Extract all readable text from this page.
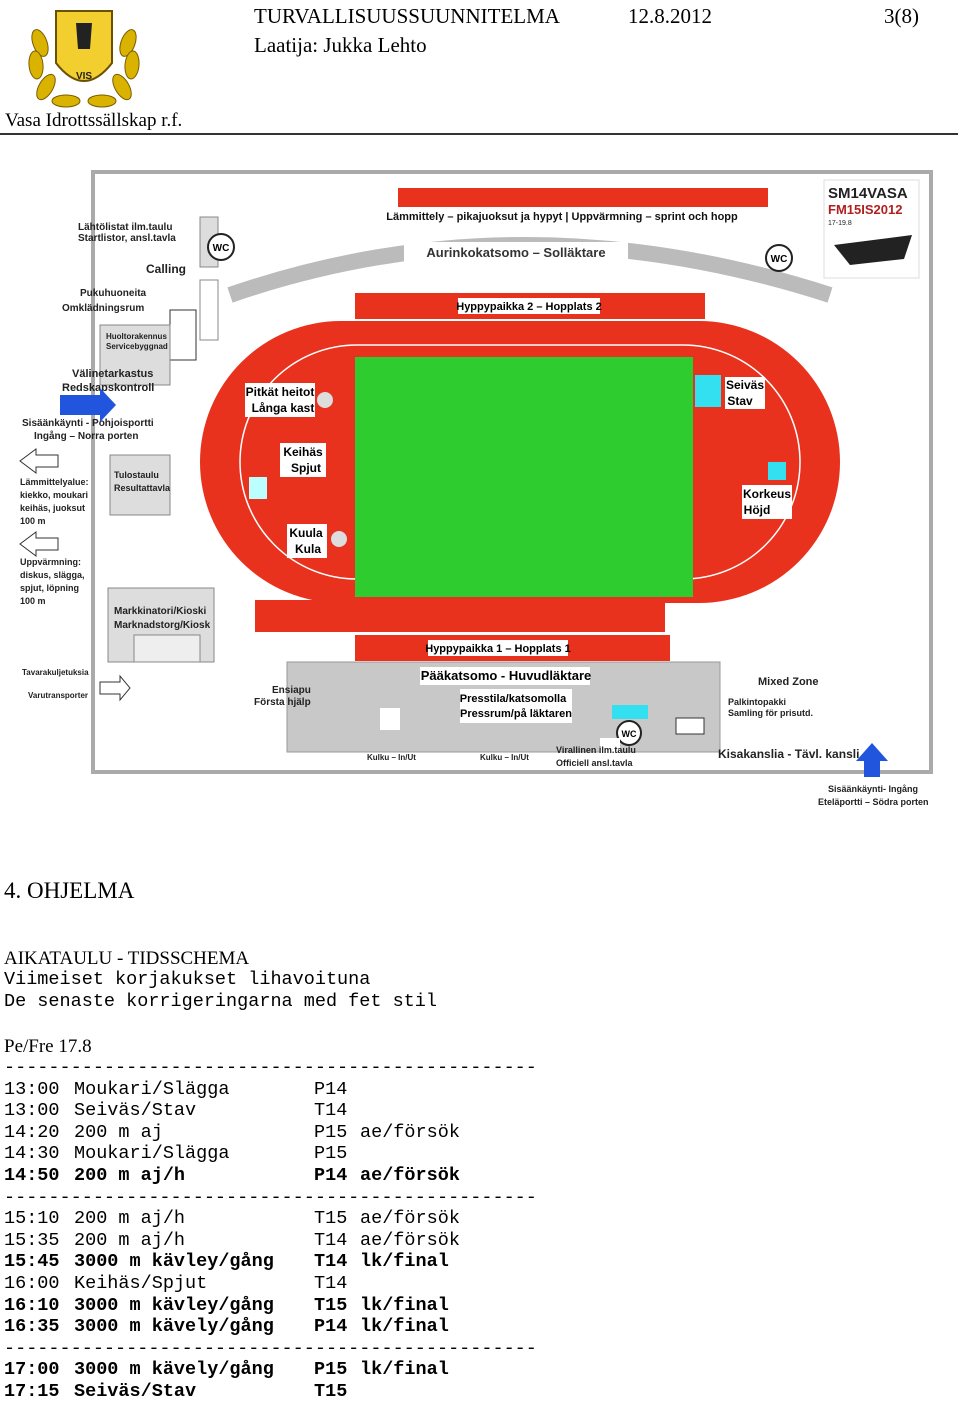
VIS
TURVALLISUUSSUUNNITELMA	12.8.2012	3(8)
Laatija: Jukka Lehto
Vasa Idrottssällskap r.f.
Lämmittely – pikajuoksut ja hypyt | Uppvärmning – sprint och hopp
Aurinkokatsomo – Solläktare
Hyppypaikka 2 – Hopplats 2
Hyppypaikka 1 – Hopplats 1
Pitkät heitot
Långa kast
Keihäs
Spjut
Kuula
Kula
Seiväs
Stav
Korkeus
Höjd
Pääkatsomo - Huvudläktare
Presstila/katsomolla
Pressrum/på läktaren
WC
WC
WC
Lähtölistat ilm.taulu
Startlistor, ansl.tavla
Calling
Pukuhuoneita
Omklädningsrum
Huoltorakennus
Servicebyggnad
Välinetarkastus
Redskapskontroll
Sisäänkäynti - Pohjoisportti
Ingång – Norra porten
Lämmittelyalue:
kiekko, moukari
keihäs, juoksut
100 m
Tulostaulu
Resultattavla
Uppvärmning:
diskus, slägga,
spjut, löpning
100 m
Markkinatori/Kioski
Marknadstorg/Kiosk
Tavarakuljetuksia
Varutransporter	Ensiapu
Första hjälp
Mixed Zone
Palkintopakki
Samling för prisutd.
Kisakanslia - Tävl. kansli
Virallinen ilm.taulu
Officiell ansl.tavla
Kulku – In/Ut	Kulku – In/Ut
Sisäänkäynti- Ingång
Eteläportti – Södra porten
SM14VASA
FM15IS2012
17-19.8
4. OHJELMA
AIKATAULU - TIDSSCHEMA
Viimeiset korjakukset lihavoituna
De senaste korrigeringarna med fet stil
Pe/Fre 17.8
------------------------------------------------
13:00 Moukari/Slägga	P14
13:00 Seiväs/Stav	T14
14:20 200 m aj	P15 ae/försök
14:30 Moukari/Slägga	P15
14:50 200 m aj/h	P14 ae/försök
------------------------------------------------
15:10 200 m aj/h	T15 ae/försök
15:35 200 m aj/h	T14 ae/försök
15:45 3000 m kävley/gång	T14 lk/final
16:00 Keihäs/Spjut	T14
16:10 3000 m kävley/gång	T15 lk/final
16:35 3000 m kävely/gång	P14 lk/final
------------------------------------------------
17:00 3000 m kävely/gång	P15 lk/final
17:15 Seiväs/Stav	T15
